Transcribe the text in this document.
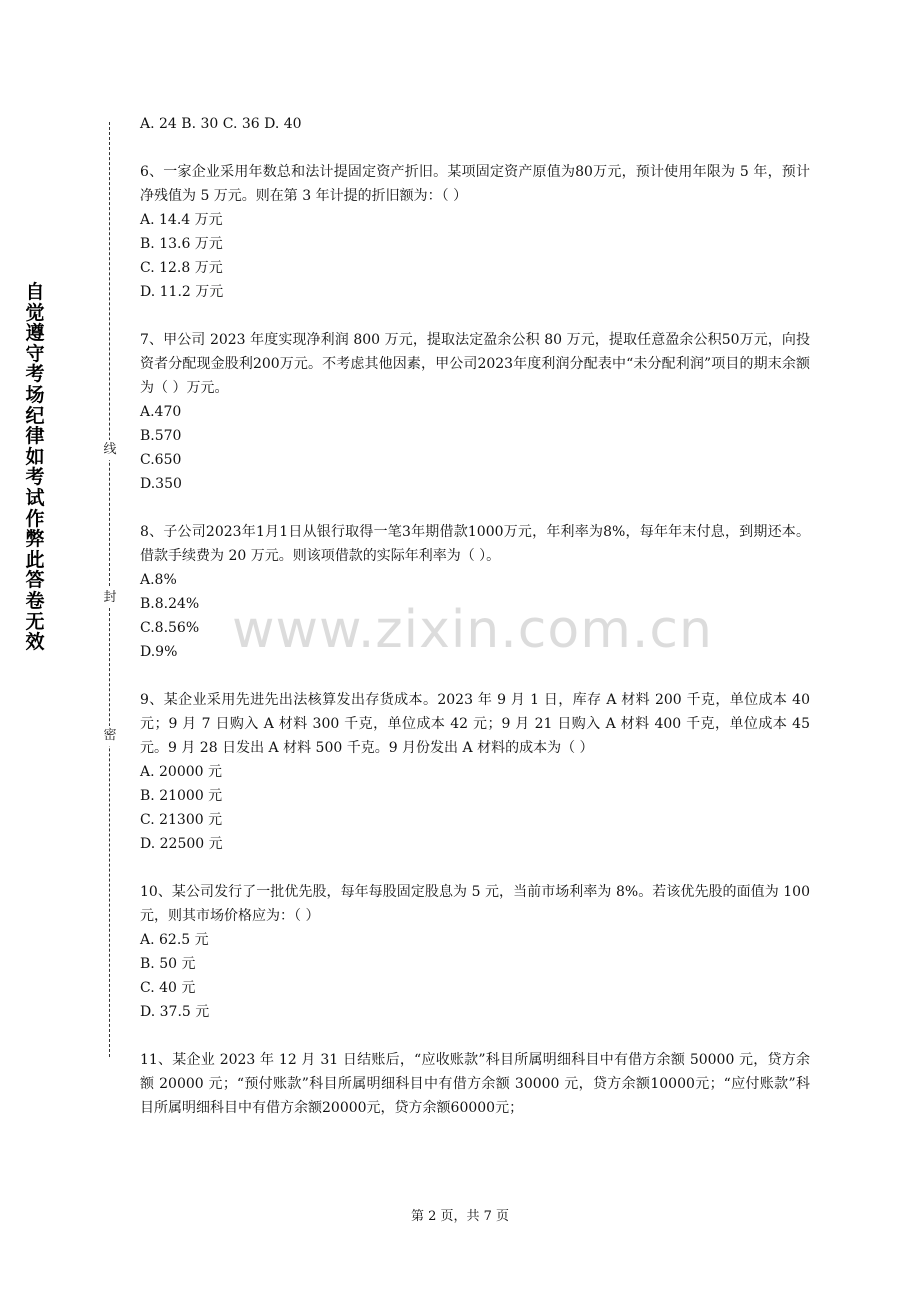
自觉遵守考场纪律如考试作弊此答卷无效
线
封
密
www.zixin.com.cn
A. 24 B. 30 C. 36 D. 40
6、一家企业采用年数总和法计提固定资产折旧。某项固定资产原值为80万元，预计使用年限为 5 年，预计净残值为 5 万元。则在第 3 年计提的折旧额为：（ ）
A. 14.4 万元
B. 13.6 万元
C. 12.8 万元
D. 11.2 万元
7、甲公司 2023 年度实现净利润 800 万元，提取法定盈余公积 80 万元，提取任意盈余公积50万元，向投资者分配现金股利200万元。不考虑其他因素，甲公司2023年度利润分配表中“未分配利润”项目的期末余额为（ ）万元。
A.470
B.570
C.650
D.350
8、子公司2023年1月1日从银行取得一笔3年期借款1000万元，年利率为8%，每年年末付息，到期还本。借款手续费为 20 万元。则该项借款的实际年利率为（ ）。
A.8%
B.8.24%
C.8.56%
D.9%
9、某企业采用先进先出法核算发出存货成本。2023 年 9 月 1 日，库存 A 材料 200 千克，单位成本 40 元；9 月 7 日购入 A 材料 300 千克，单位成本 42 元；9 月 21 日购入 A 材料 400 千克，单位成本 45 元。9 月 28 日发出 A 材料 500 千克。9 月份发出 A 材料的成本为（ ）
A. 20000 元
B. 21000 元
C. 21300 元
D. 22500 元
10、某公司发行了一批优先股，每年每股固定股息为 5 元，当前市场利率为 8%。若该优先股的面值为 100 元，则其市场价格应为：（ ）
A. 62.5 元
B. 50 元
C. 40 元
D. 37.5 元
11、某企业 2023 年 12 月 31 日结账后，“应收账款”科目所属明细科目中有借方余额 50000 元，贷方余额 20000 元；“预付账款”科目所属明细科目中有借方余额 30000 元，贷方余额10000元；“应付账款”科目所属明细科目中有借方余额20000元，贷方余额60000元；
第 2 页，共 7 页
